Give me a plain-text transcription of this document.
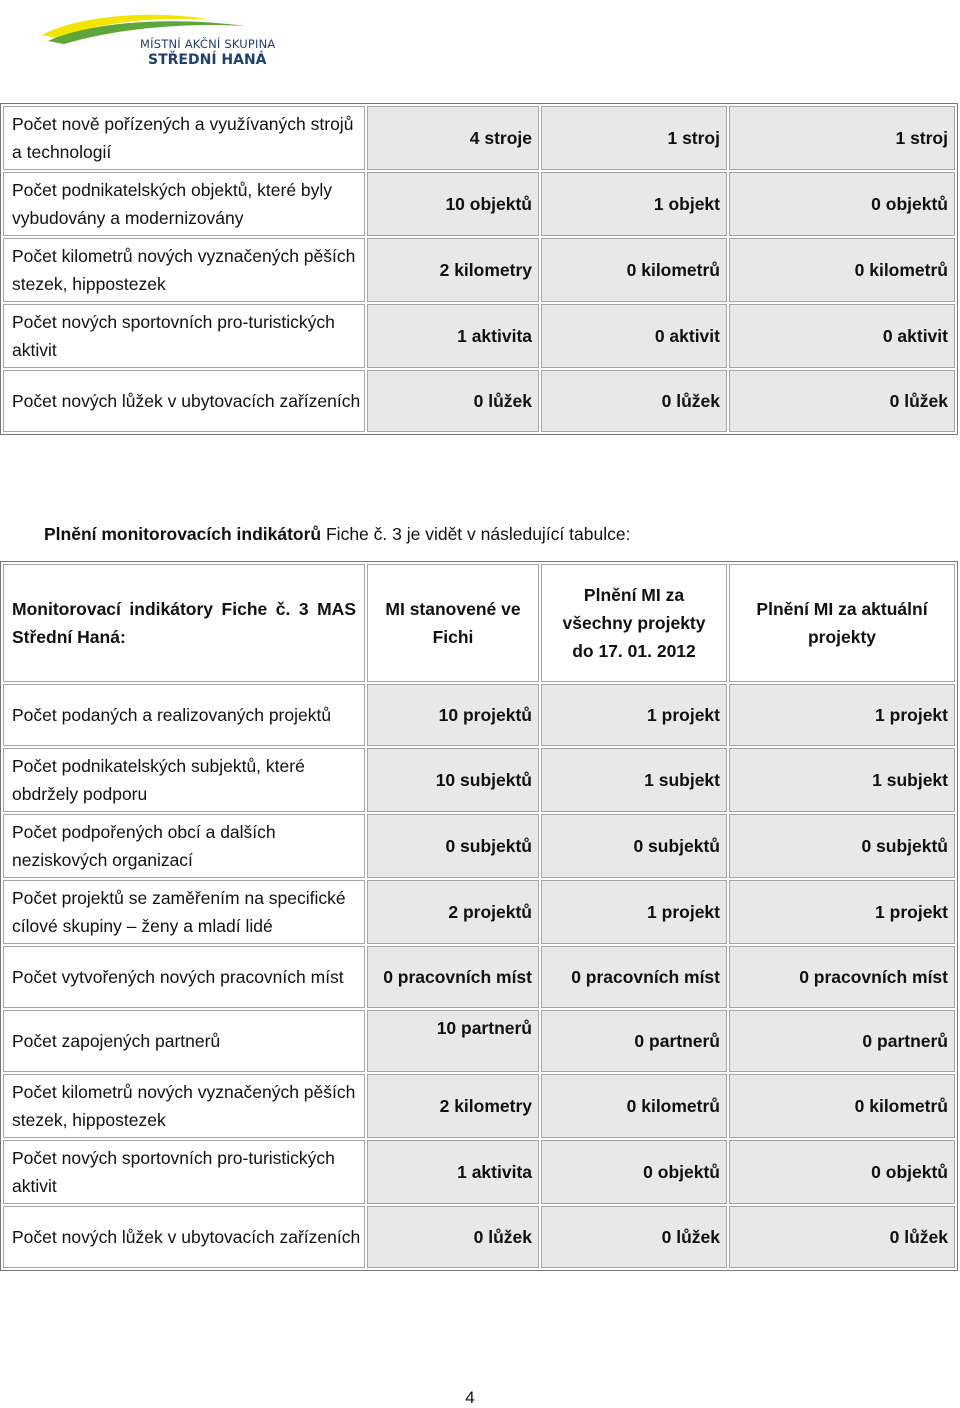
MÍSTNÍ AKČNÍ SKUPINA
STŘEDNÍ HANÁ
Počet nově pořízených a využívaných strojů a technologií	4 stroje	1 stroj	1 stroj
Počet podnikatelských objektů, které byly vybudovány a modernizovány	10 objektů	1 objekt	0 objektů
Počet kilometrů nových vyznačených pěších stezek, hippostezek	2 kilometry	0 kilometrů	0 kilometrů
Počet nových sportovních pro-turistických aktivit	1 aktivita	0 aktivit	0 aktivit
Počet nových lůžek v ubytovacích zařízeních	0 lůžek	0 lůžek	0 lůžek
Plnění monitorovacích indikátorů Fiche č. 3 je vidět v následující tabulce:
Monitorovací indikátory Fiche č. 3 MAS Střední Haná:	MI stanovené ve Fichi	Plnění MI za všechny projekty do 17. 01. 2012	Plnění MI za aktuální projekty
Počet podaných a realizovaných projektů	10 projektů	1 projekt	1 projekt
Počet podnikatelských subjektů, které obdržely podporu	10 subjektů	1 subjekt	1 subjekt
Počet podpořených obcí a dalších neziskových organizací	0 subjektů	0 subjektů	0 subjektů
Počet projektů se zaměřením na specifické cílové skupiny – ženy a mladí lidé	2 projektů	1 projekt	1 projekt
Počet vytvořených nových pracovních míst	0 pracovních míst	0 pracovních míst	0 pracovních míst
Počet zapojených partnerů	10 partnerů	0 partnerů	0 partnerů
Počet kilometrů nových vyznačených pěších stezek, hippostezek	2 kilometry	0 kilometrů	0 kilometrů
Počet nových sportovních pro-turistických aktivit	1 aktivita	0 objektů	0 objektů
Počet nových lůžek v ubytovacích zařízeních	0 lůžek	0 lůžek	0 lůžek
4
